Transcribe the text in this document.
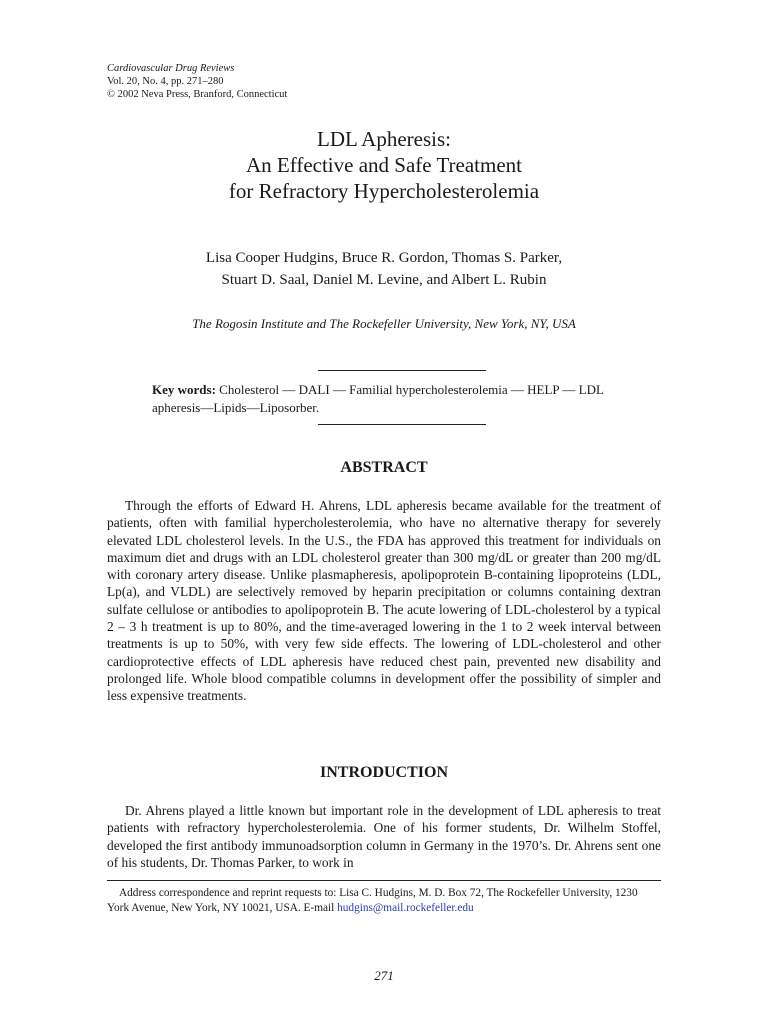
Cardiovascular Drug Reviews
Vol. 20, No. 4, pp. 271–280
© 2002 Neva Press, Branford, Connecticut
LDL Apheresis:
An Effective and Safe Treatment
for Refractory Hypercholesterolemia
Lisa Cooper Hudgins, Bruce R. Gordon, Thomas S. Parker,
Stuart D. Saal, Daniel M. Levine, and Albert L. Rubin
The Rogosin Institute and The Rockefeller University, New York, NY, USA
Key words: Cholesterol — DALI — Familial hypercholesterolemia — HELP — LDL apheresis—Lipids—Liposorber.
ABSTRACT
Through the efforts of Edward H. Ahrens, LDL apheresis became available for the treatment of patients, often with familial hypercholesterolemia, who have no alternative therapy for severely elevated LDL cholesterol levels. In the U.S., the FDA has approved this treatment for individuals on maximum diet and drugs with an LDL cholesterol greater than 300 mg/dL or greater than 200 mg/dL with coronary artery disease. Unlike plasmapheresis, apolipoprotein B-containing lipoproteins (LDL, Lp(a), and VLDL) are selectively removed by heparin precipitation or columns containing dextran sulfate cellulose or antibodies to apolipoprotein B. The acute lowering of LDL-cholesterol by a typical 2 – 3 h treatment is up to 80%, and the time-averaged lowering in the 1 to 2 week interval between treatments is up to 50%, with very few side effects. The lowering of LDL-cholesterol and other cardioprotective effects of LDL apheresis have reduced chest pain, prevented new disability and prolonged life. Whole blood compatible columns in development offer the possibility of simpler and less expensive treatments.
INTRODUCTION
Dr. Ahrens played a little known but important role in the development of LDL apheresis to treat patients with refractory hypercholesterolemia. One of his former students, Dr. Wilhelm Stoffel, developed the first antibody immunoadsorption column in Germany in the 1970’s. Dr. Ahrens sent one of his students, Dr. Thomas Parker, to work in
Address correspondence and reprint requests to: Lisa C. Hudgins, M. D. Box 72, The Rockefeller University, 1230 York Avenue, New York, NY 10021, USA. E-mail hudgins@mail.rockefeller.edu
271
